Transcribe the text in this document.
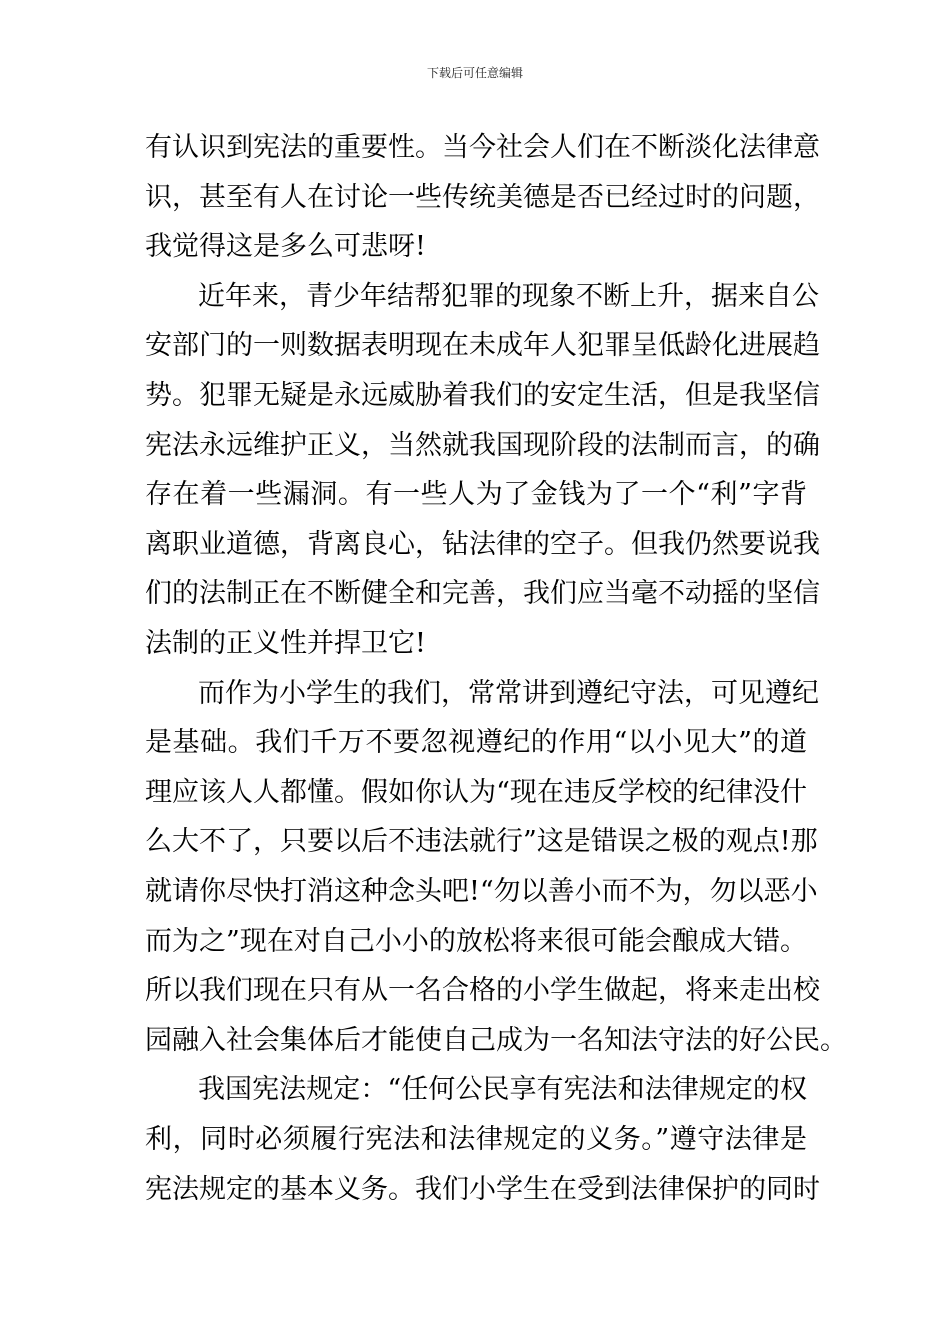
下载后可任意编辑
有认识到宪法的重要性。当今社会人们在不断淡化法律意
识，甚至有人在讨论一些传统美德是否已经过时的问题，
我觉得这是多么可悲呀!
近年来，青少年结帮犯罪的现象不断上升，据来自公
安部门的一则数据表明现在未成年人犯罪呈低龄化进展趋
势。犯罪无疑是永远威胁着我们的安定生活，但是我坚信
宪法永远维护正义，当然就我国现阶段的法制而言，的确
存在着一些漏洞。有一些人为了金钱为了一个“利”字背
离职业道德，背离良心，钻法律的空子。但我仍然要说我
们的法制正在不断健全和完善，我们应当毫不动摇的坚信
法制的正义性并捍卫它!
而作为小学生的我们，常常讲到遵纪守法，可见遵纪
是基础。我们千万不要忽视遵纪的作用“以小见大”的道
理应该人人都懂。假如你认为“现在违反学校的纪律没什
么大不了，只要以后不违法就行”这是错误之极的观点!那
就请你尽快打消这种念头吧!“勿以善小而不为，勿以恶小
而为之”现在对自己小小的放松将来很可能会酿成大错。
所以我们现在只有从一名合格的小学生做起，将来走出校
园融入社会集体后才能使自己成为一名知法守法的好公民。
我国宪法规定：“任何公民享有宪法和法律规定的权
利，同时必须履行宪法和法律规定的义务。”遵守法律是
宪法规定的基本义务。我们小学生在受到法律保护的同时
